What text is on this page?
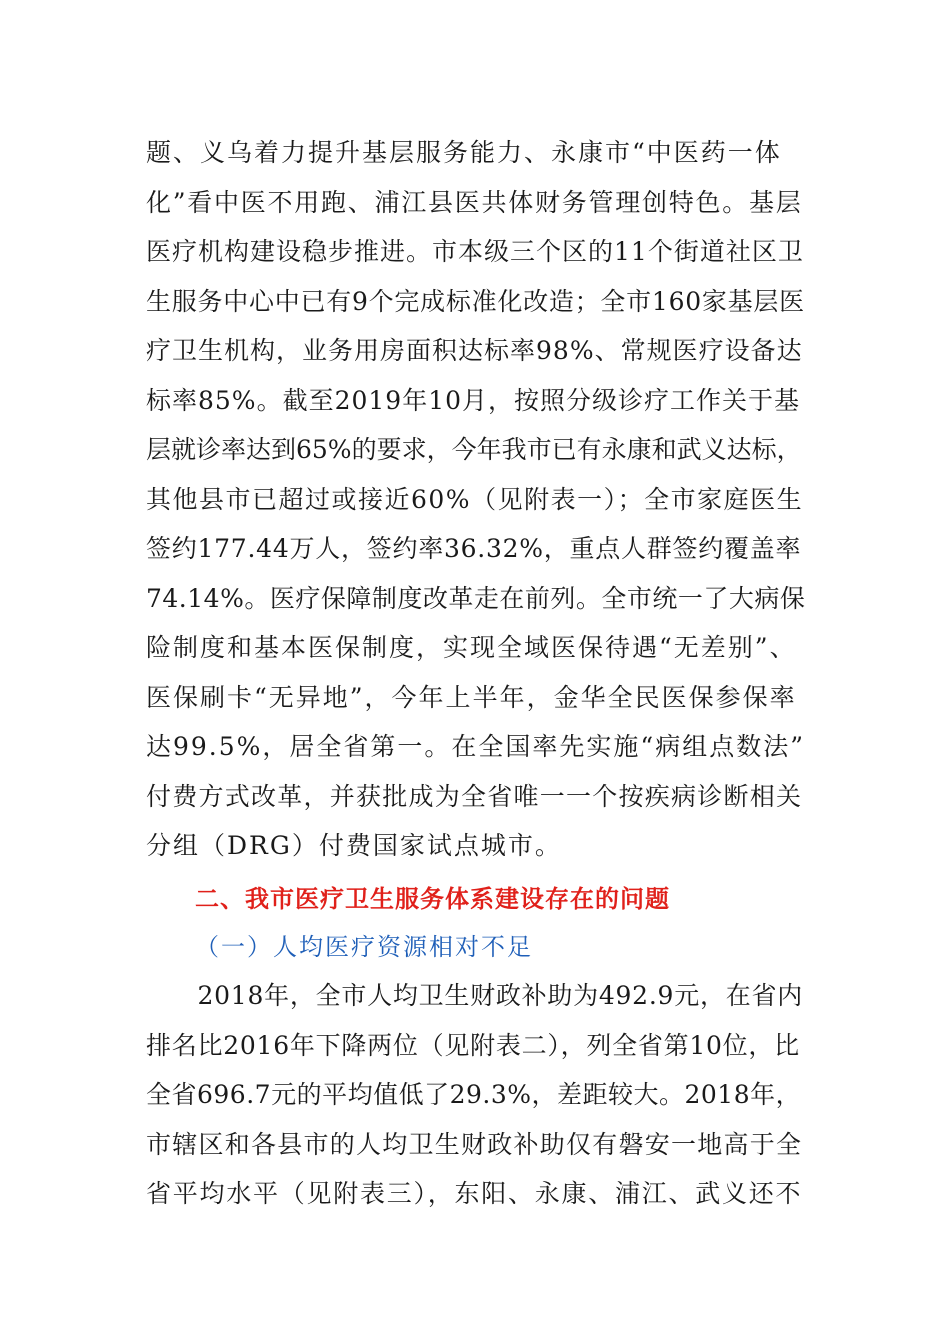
题、义乌着力提升基层服务能力、永康市“中医药一体
化”看中医不用跑、浦江县医共体财务管理创特色。基层
医疗机构建设稳步推进。市本级三个区的11个街道社区卫
生服务中心中已有9个完成标准化改造；全市160家基层医
疗卫生机构，业务用房面积达标率98%、常规医疗设备达
标率85%。截至2019年10月，按照分级诊疗工作关于基
层就诊率达到65%的要求，今年我市已有永康和武义达标，
其他县市已超过或接近60%（见附表一）；全市家庭医生
签约177.44万人，签约率36.32%，重点人群签约覆盖率
74.14%。医疗保障制度改革走在前列。全市统一了大病保
险制度和基本医保制度，实现全域医保待遇“无差别”、
医保刷卡“无异地”，今年上半年，金华全民医保参保率
达99.5%，居全省第一。在全国率先实施“病组点数法”
付费方式改革，并获批成为全省唯一一个按疾病诊断相关
分组（DRG）付费国家试点城市。
二、我市医疗卫生服务体系建设存在的问题
（一）人均医疗资源相对不足
　　2018年，全市人均卫生财政补助为492.9元，在省内
排名比2016年下降两位（见附表二），列全省第10位，比
全省696.7元的平均值低了29.3%，差距较大。2018年，
市辖区和各县市的人均卫生财政补助仅有磐安一地高于全
省平均水平（见附表三），东阳、永康、浦江、武义还不
